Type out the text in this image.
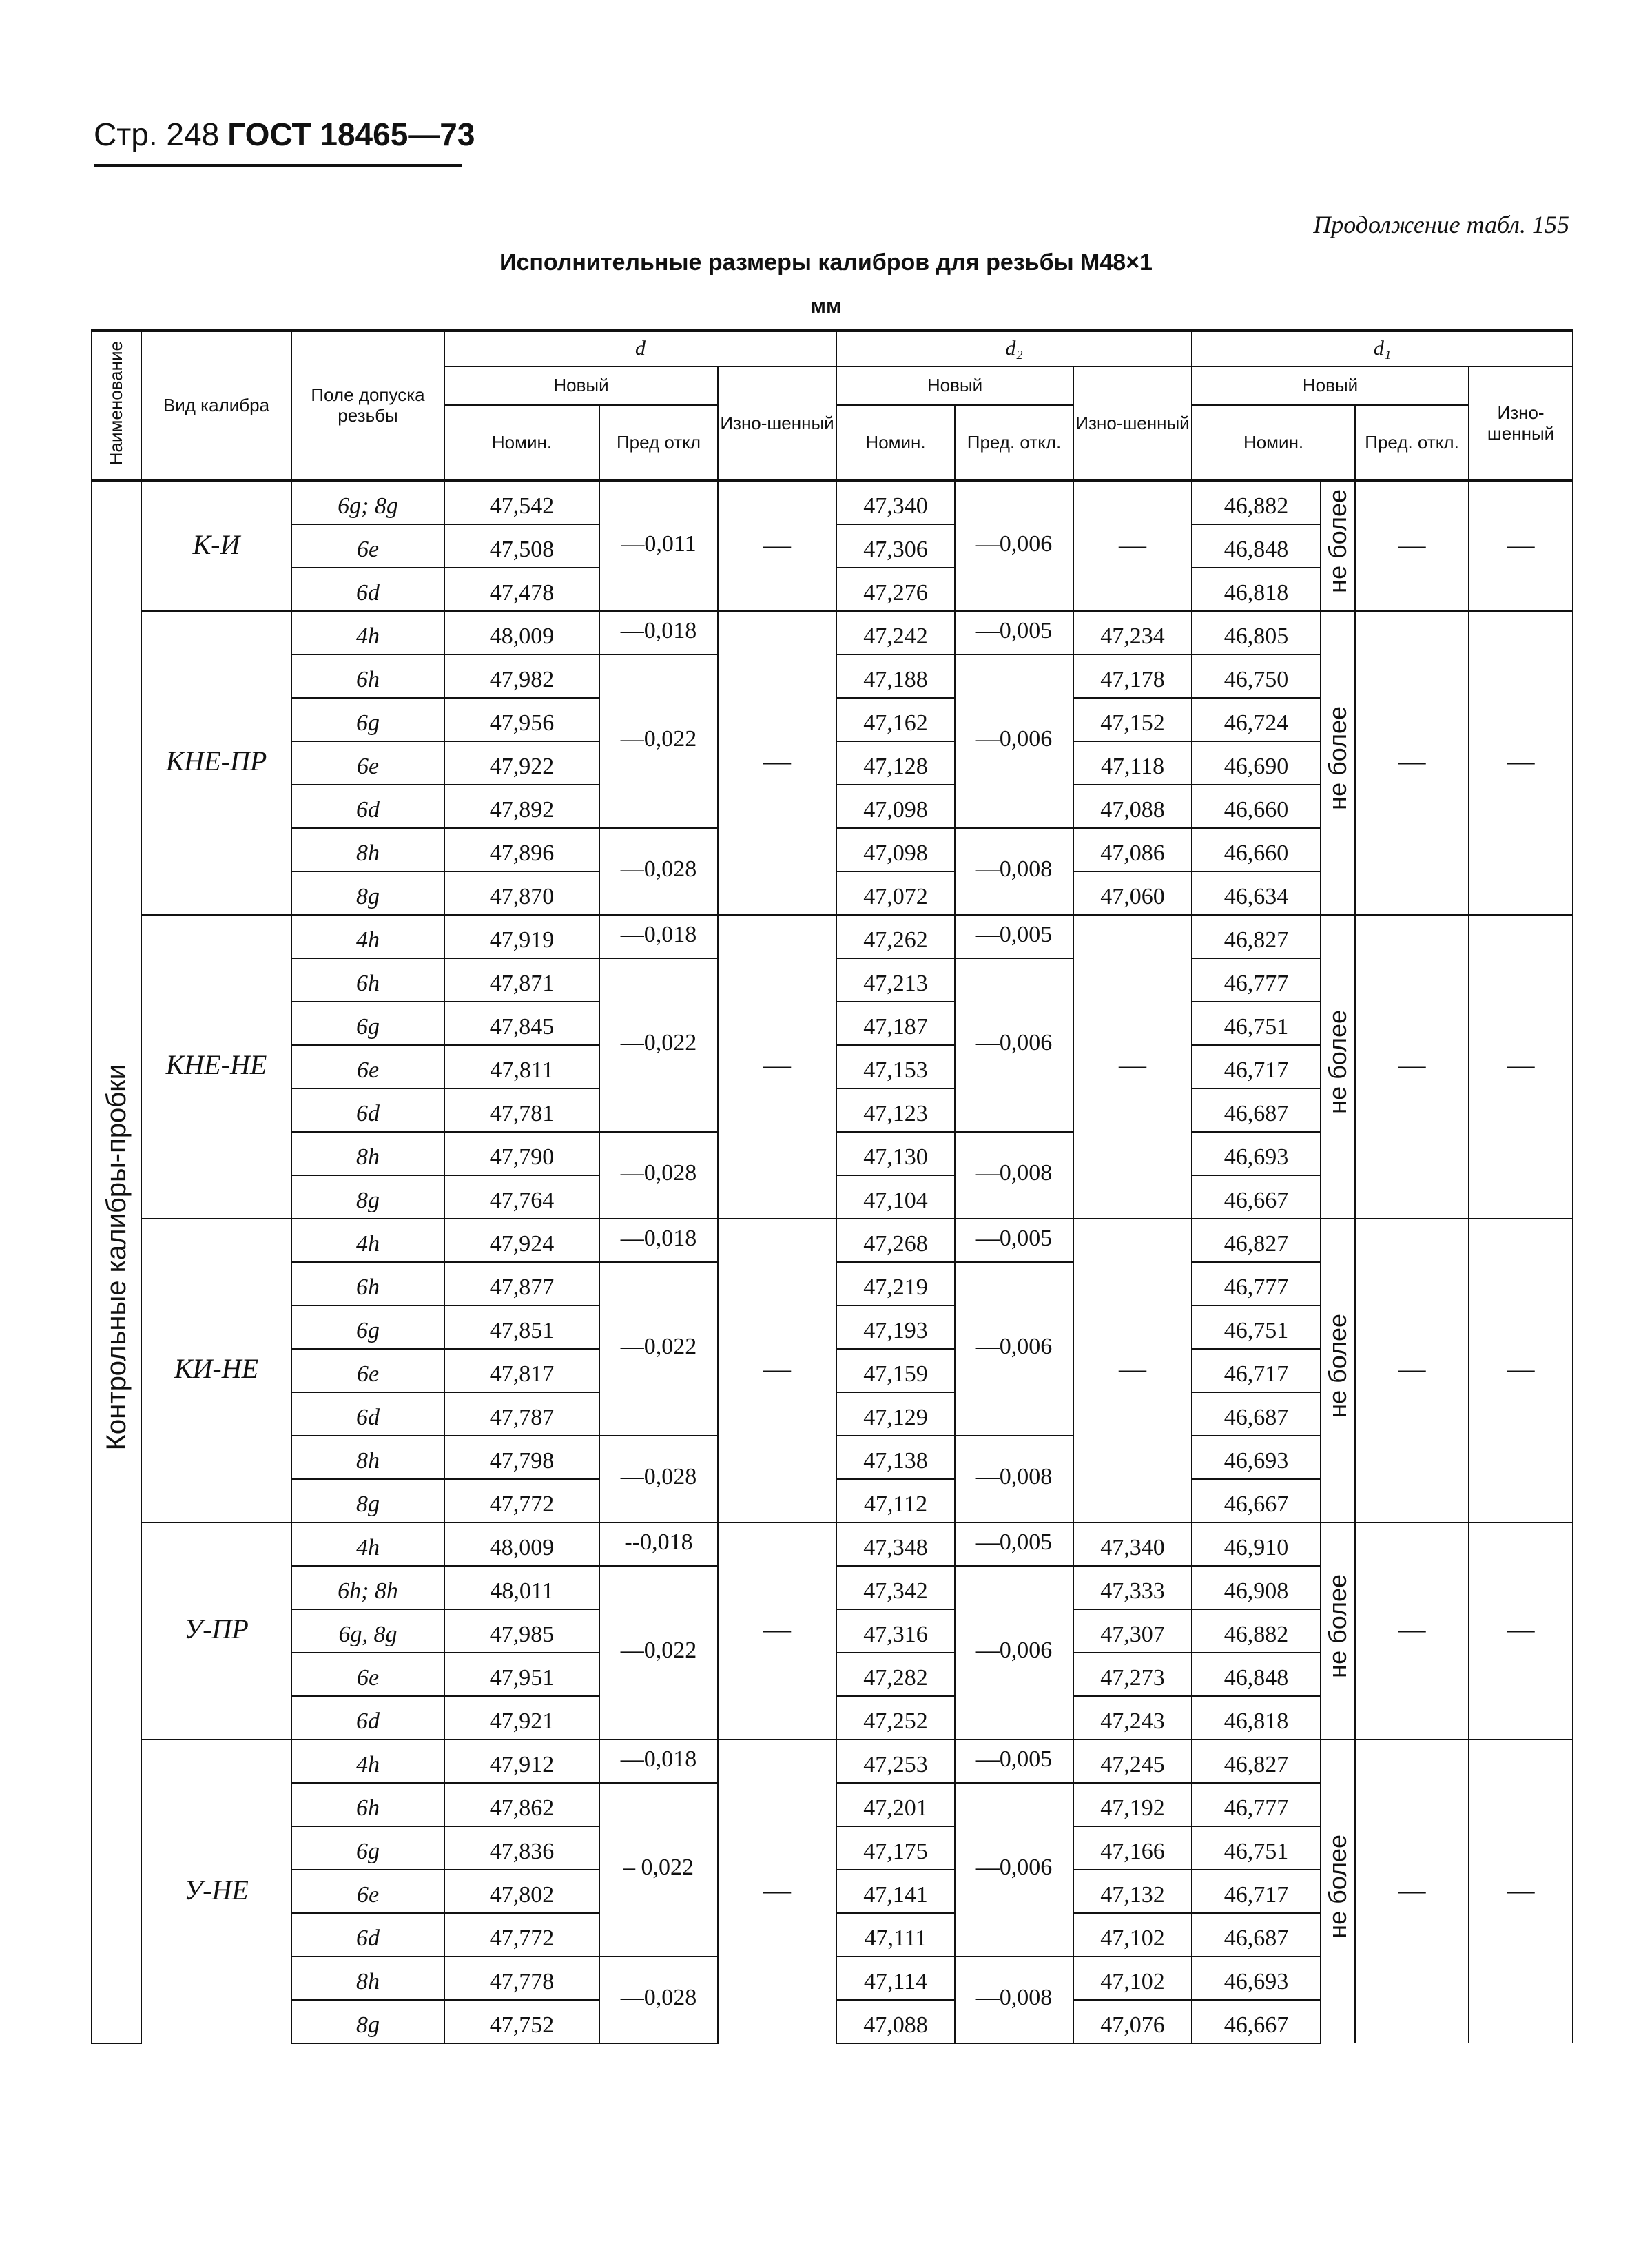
Стр. 248 ГОСТ 18465—73
Продолжение табл. 155
Исполнительные размеры калибров для резьбы М48×1
мм
Наименование	Вид калибра	Поле допуска резьбы	d			d₂			d₁			
			Новый		Изно-шенный	Новый		Изно-шенный	Новый			Изно-шенный
			Номин.	Пред откл		Номин.	Пред. откл.		Номин.		Пред. откл.	
Контрольные калибры-пробки	К-И	6g; 8g	47,542	—0,011	—	47,340	—0,006	—	46,882	не более	—	—
		6e	47,508			47,306			46,848			
		6d	47,478			47,276			46,818			
	КНЕ-ПР	4h	48,009	—0,018	—	47,242	—0,005	47,234	46,805	не более	—	—
		6h	47,982	—0,022		47,188	—0,006	47,178	46,750			
		6g	47,956			47,162		47,152	46,724			
		6e	47,922			47,128		47,118	46,690			
		6d	47,892			47,098		47,088	46,660			
		8h	47,896	—0,028		47,098	—0,008	47,086	46,660			
		8g	47,870			47,072		47,060	46,634			
	КНЕ-НЕ	4h	47,919	—0,018	—	47,262	—0,005	—	46,827	не более	—	—
		6h	47,871	—0,022		47,213	—0,006		46,777			
		6g	47,845			47,187			46,751			
		6e	47,811			47,153			46,717			
		6d	47,781			47,123			46,687			
		8h	47,790	—0,028		47,130	—0,008		46,693			
		8g	47,764			47,104			46,667			
	КИ-НЕ	4h	47,924	—0,018	—	47,268	—0,005	—	46,827	не более	—	—
		6h	47,877	—0,022		47,219	—0,006		46,777			
		6g	47,851			47,193			46,751			
		6e	47,817			47,159			46,717			
		6d	47,787			47,129			46,687			
		8h	47,798	—0,028		47,138	—0,008		46,693			
		8g	47,772			47,112			46,667			
	У-ПР	4h	48,009	--0,018	—	47,348	—0,005	47,340	46,910	не более	—	—
		6h; 8h	48,011	—0,022		47,342	—0,006	47,333	46,908			
		6g, 8g	47,985			47,316		47,307	46,882			
		6e	47,951			47,282		47,273	46,848			
		6d	47,921			47,252		47,243	46,818			
	У-НЕ	4h	47,912	—0,018	—	47,253	—0,005	47,245	46,827	не более	—	—
		6h	47,862	– 0,022		47,201	—0,006	47,192	46,777			
		6g	47,836			47,175		47,166	46,751			
		6e	47,802			47,141		47,132	46,717			
		6d	47,772			47,111		47,102	46,687			
		8h	47,778	—0,028		47,114	—0,008	47,102	46,693			
		8g	47,752			47,088		47,076	46,667			
